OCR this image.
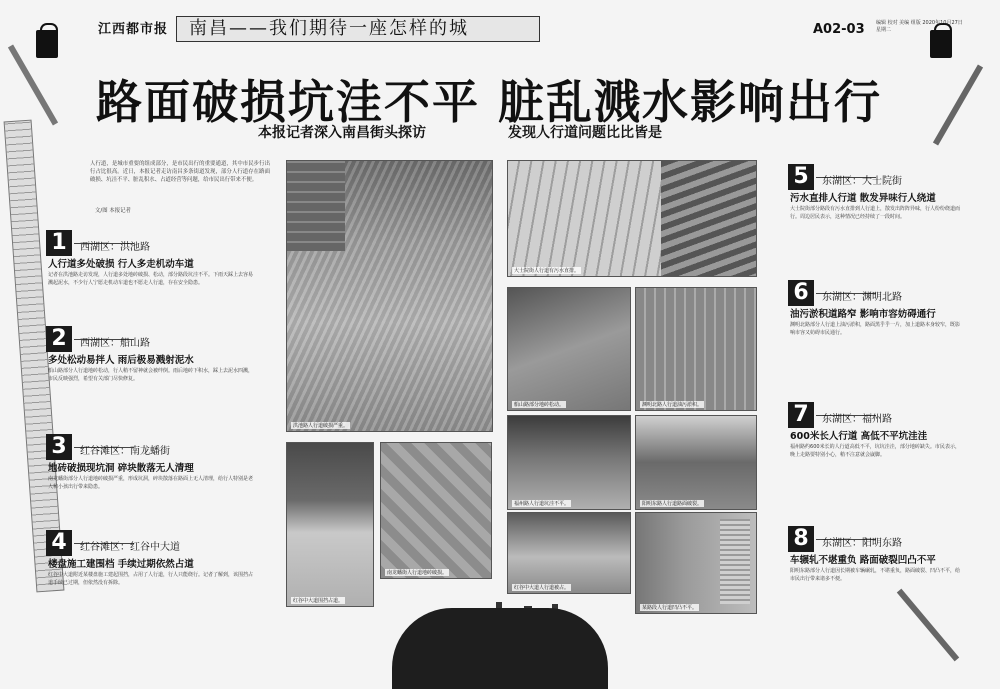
江西都市报	南昌——我们期待一座怎样的城	A02-03 编辑 校对 美编 组版 2020年10月27日 星期二
路面破损坑洼不平 脏乱溅水影响出行
本报记者深入南昌街头探访	发现人行道问题比比皆是
人行道，是城市重要的组成部分，是市民出行的重要通道，其中市民步行出行占比很高。近日，本报记者走访南昌多条街道发现，部分人行道存在路面破损、坑洼不平、脏乱积水、占道经营等问题，给市民出行带来不便。
文/图 本报记者
1	西湖区：洪池路
人行道多处破损 行人多走机动车道
记者在洪池路走访发现，人行道多处地砖破损、松动，部分路段坑洼不平。下雨天踩上去容易溅起泥水，不少行人宁愿走机动车道也不愿走人行道，存在安全隐患。
2	西湖区：船山路
多处松动易拌人 雨后极易溅射泥水
船山路部分人行道地砖松动，行人稍不留神就会被绊倒。雨后地砖下积水，踩上去泥水四溅，市民反映强烈，希望有关部门尽快修复。
3	红谷滩区：南龙蟠街
地砖破损现坑洞 碎块散落无人清理
南龙蟠街部分人行道地砖破损严重，形成坑洞，碎块散落在路面上无人清理，给行人特别是老人和小孩出行带来隐患。
4	红谷滩区：红谷中大道
楼盘施工建围档 手续过期依然占道
红谷中大道附近某楼盘施工建起围挡，占用了人行道，行人只能绕行。记者了解到，该围挡占道手续已过期，但依然没有拆除。
5	东湖区：大士院街
污水直排人行道 散发异味行人绕道
大士院街部分路段有污水直排到人行道上，散发出阵阵异味，行人纷纷绕道而行。周边居民表示，这种情况已经持续了一段时间。
6	东湖区：渊明北路
油污淤积道路窄 影响市容妨碍通行
渊明北路部分人行道上油污淤积，路面黑乎乎一片，加上道路本身较窄，既影响市容又妨碍市民通行。
7	东湖区：福州路
600米长人行道 高低不平坑洼洼
福州路约600米长的人行道高低不平，坑坑洼洼，部分地砖缺失。市民表示，晚上走路要特别小心，稍不注意就会崴脚。
8	东湖区：阳明东路
车辗轧不堪重负 路面破裂凹凸不平
阳明东路部分人行道因长期被车辆碾轧，不堪重负，路面破裂、凹凸不平，给市民出行带来诸多不便。
洪池路人行道破损严重。
大士院街人行道有污水直排。
船山路部分地砖松动。	渊明北路人行道油污淤积。
红谷中大道围挡占道。
南龙蟠街人行道地砖破损。
福州路人行道坑洼不平。	阳明东路人行道路面破裂。
红谷中大道人行道被占。
某路段人行道凹凸不平。
